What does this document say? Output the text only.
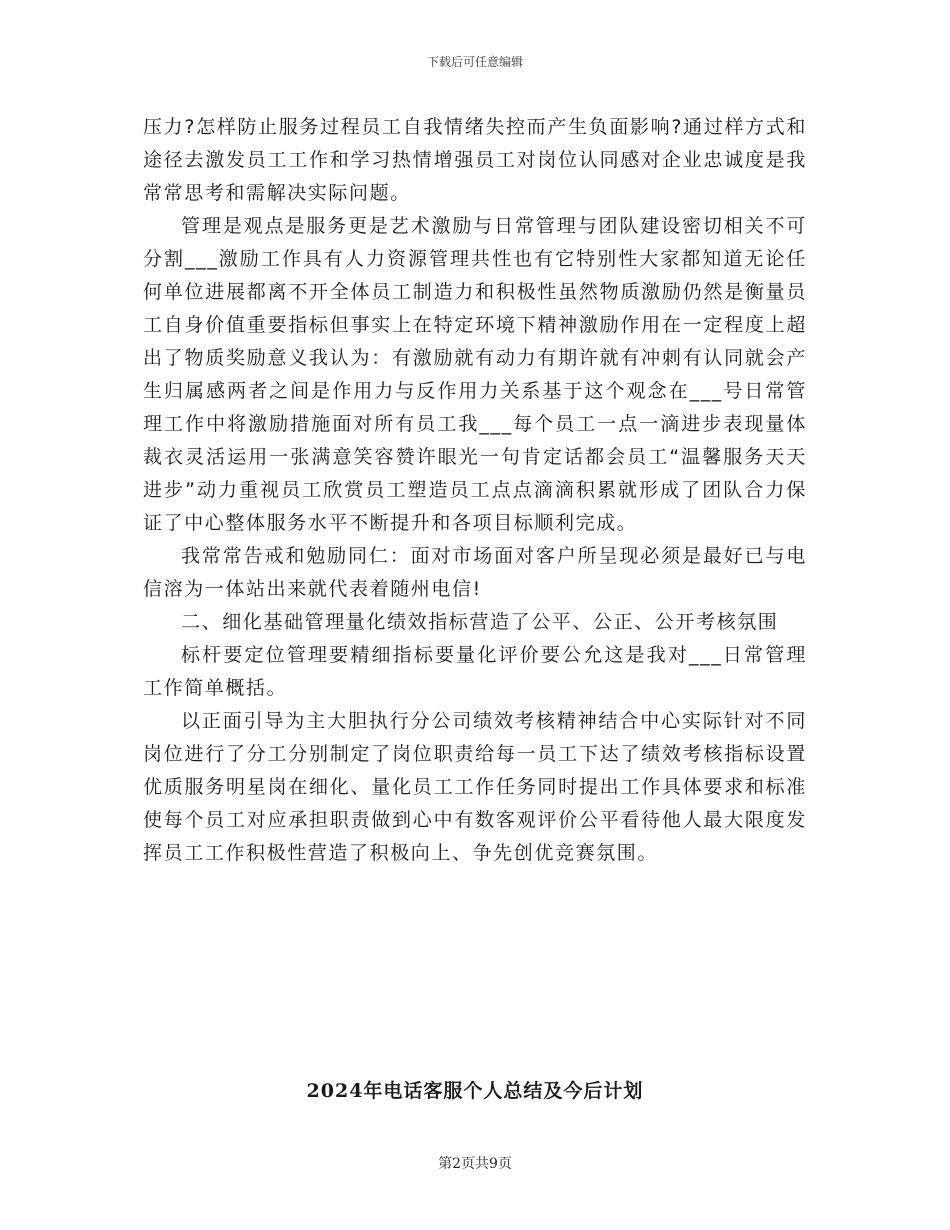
下载后可任意编辑

压力?怎样防止服务过程员工自我情绪失控而产生负面影响?通过样方式和途径去激发员工工作和学习热情增强员工对岗位认同感对企业忠诚度是我常常思考和需解决实际问题。

管理是观点是服务更是艺术激励与日常管理与团队建设密切相关不可分割___激励工作具有人力资源管理共性也有它特别性大家都知道无论任何单位进展都离不开全体员工制造力和积极性虽然物质激励仍然是衡量员工自身价值重要指标但事实上在特定环境下精神激励作用在一定程度上超出了物质奖励意义我认为：有激励就有动力有期许就有冲刺有认同就会产生归属感两者之间是作用力与反作用力关系基于这个观念在___号日常管理工作中将激励措施面对所有员工我___每个员工一点一滴进步表现量体裁衣灵活运用一张满意笑容赞许眼光一句肯定话都会员工“温馨服务天天进步”动力重视员工欣赏员工塑造员工点点滴滴积累就形成了团队合力保证了中心整体服务水平不断提升和各项目标顺利完成。

我常常告戒和勉励同仁：面对市场面对客户所呈现必须是最好已与电信溶为一体站出来就代表着随州电信!

二、细化基础管理量化绩效指标营造了公平、公正、公开考核氛围

标杆要定位管理要精细指标要量化评价要公允这是我对___日常管理工作简单概括。

以正面引导为主大胆执行分公司绩效考核精神结合中心实际针对不同岗位进行了分工分别制定了岗位职责给每一员工下达了绩效考核指标设置优质服务明星岗在细化、量化员工工作任务同时提出工作具体要求和标准使每个员工对应承担职责做到心中有数客观评价公平看待他人最大限度发挥员工工作积极性营造了积极向上、争先创优竞赛氛围。

2024年电话客服个人总结及今后计划
第2页共9页
